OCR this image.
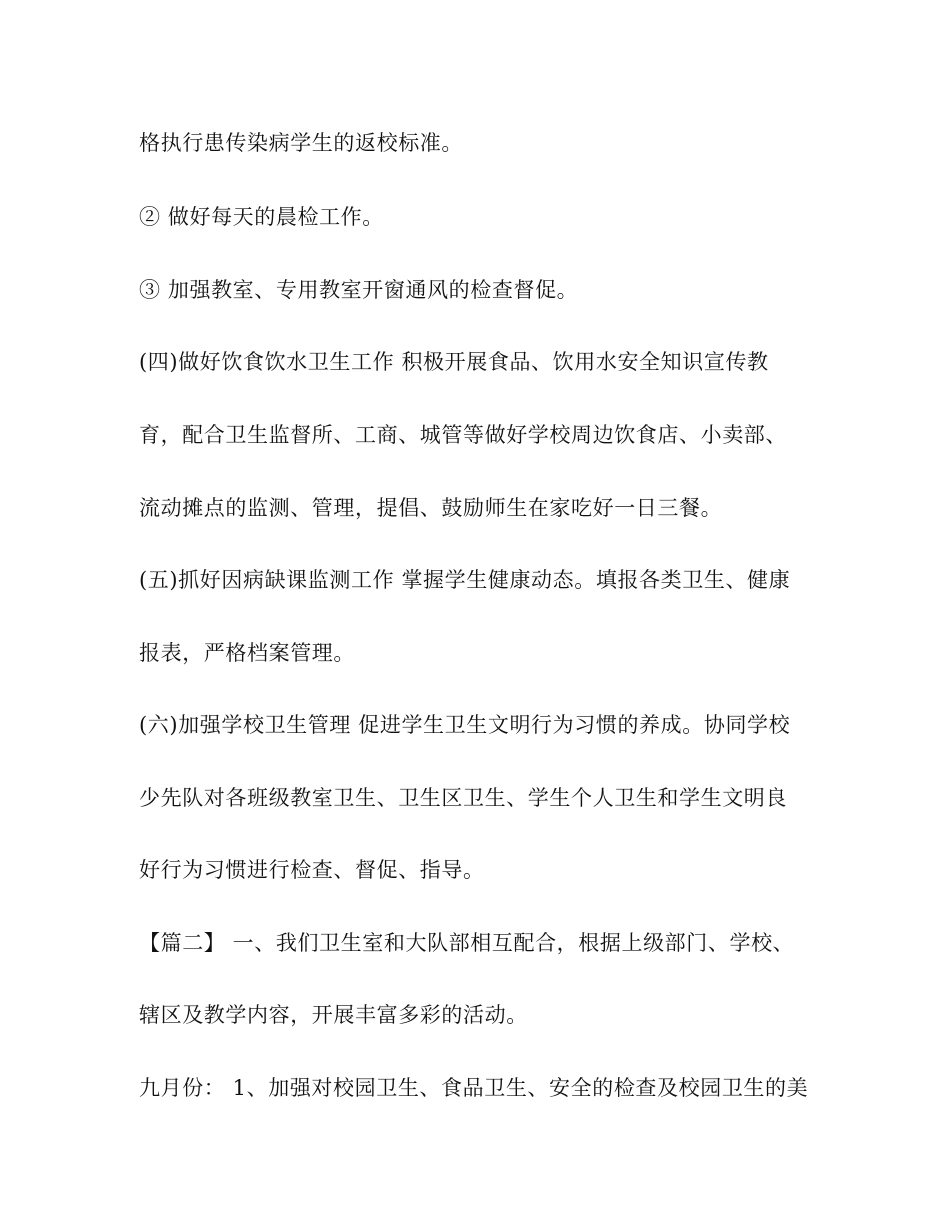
格执行患传染病学生的返校标准。
② 做好每天的晨检工作。
③ 加强教室、专用教室开窗通风的检查督促。
(四)做好饮食饮水卫生工作 积极开展食品、饮用水安全知识宣传教
育，配合卫生监督所、工商、城管等做好学校周边饮食店、小卖部、
流动摊点的监测、管理，提倡、鼓励师生在家吃好一日三餐。
(五)抓好因病缺课监测工作 掌握学生健康动态。填报各类卫生、健康
报表，严格档案管理。
(六)加强学校卫生管理 促进学生卫生文明行为习惯的养成。协同学校
少先队对各班级教室卫生、卫生区卫生、学生个人卫生和学生文明良
好行为习惯进行检查、督促、指导。
【篇二】 一、我们卫生室和大队部相互配合，根据上级部门、学校、
辖区及教学内容，开展丰富多彩的活动。
九月份： 1、加强对校园卫生、食品卫生、安全的检查及校园卫生的美
